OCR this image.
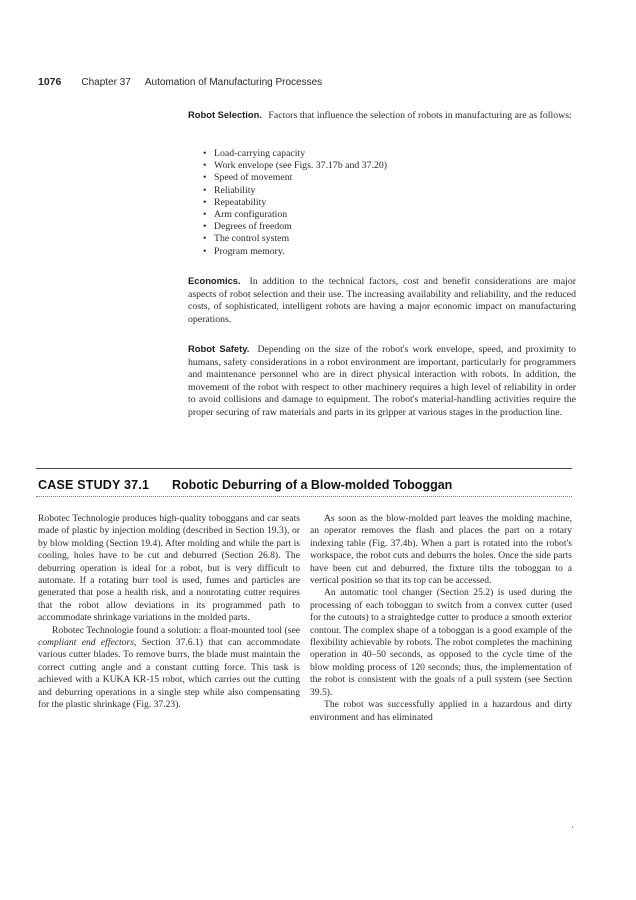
1076 Chapter 37 Automation of Manufacturing Processes
Robot Selection. Factors that influence the selection of robots in manufacturing are as follows:
• Load-carrying capacity
• Work envelope (see Figs. 37.17b and 37.20)
• Speed of movement
• Reliability
• Repeatability
• Arm configuration
• Degrees of freedom
• The control system
• Program memory.
Economics. In addition to the technical factors, cost and benefit considerations are major aspects of robot selection and their use. The increasing availability and reliability, and the reduced costs, of sophisticated, intelligent robots are having a major economic impact on manufacturing operations.
Robot Safety. Depending on the size of the robot's work envelope, speed, and proximity to humans, safety considerations in a robot environment are important, particularly for programmers and maintenance personnel who are in direct physical interaction with robots. In addition, the movement of the robot with respect to other machinery requires a high level of reliability in order to avoid collisions and damage to equipment. The robot's material-handling activities require the proper securing of raw materials and parts in its gripper at various stages in the production line.
CASE STUDY 37.1 Robotic Deburring of a Blow-molded Toboggan

Robotec Technologie produces high-quality toboggans and car seats made of plastic by injection molding (described in Section 19.3), or by blow molding (Section 19.4). After molding and while the part is cooling, holes have to be cut and deburred (Section 26.8). The deburring operation is ideal for a robot, but is very difficult to automate. If a rotating burr tool is used, fumes and particles are generated that pose a health risk, and a nonrotating cutter requires that the robot allow deviations in its programmed path to accommodate shrinkage variations in the molded parts.

Robotec Technologie found a solution: a float-mounted tool (see compliant end effectors, Section 37.6.1) that can accommodate various cutter blades. To remove burrs, the blade must maintain the correct cutting angle and a constant cutting force. This task is achieved with a KUKA KR-15 robot, which carries out the cutting and deburring operations in a single step while also compensating for the plastic shrinkage (Fig. 37.23).

As soon as the blow-molded part leaves the molding machine, an operator removes the flash and places the part on a rotary indexing table (Fig. 37.4b). When a part is rotated into the robot's workspace, the robot cuts and deburrs the holes. Once the side parts have been cut and deburred, the fixture tilts the toboggan to a vertical position so that its top can be accessed.

An automatic tool changer (Section 25.2) is used during the processing of each toboggan to switch from a convex cutter (used for the cutouts) to a straightedge cutter to produce a smooth exterior contour. The complex shape of a toboggan is a good example of the flexibility achievable by robots. The robot completes the machining operation in 40–50 seconds, as opposed to the cycle time of the blow molding process of 120 seconds; thus, the implementation of the robot is consistent with the goals of a pull system (see Section 39.5).

The robot was successfully applied in a hazardous and dirty environment and has eliminated

·
